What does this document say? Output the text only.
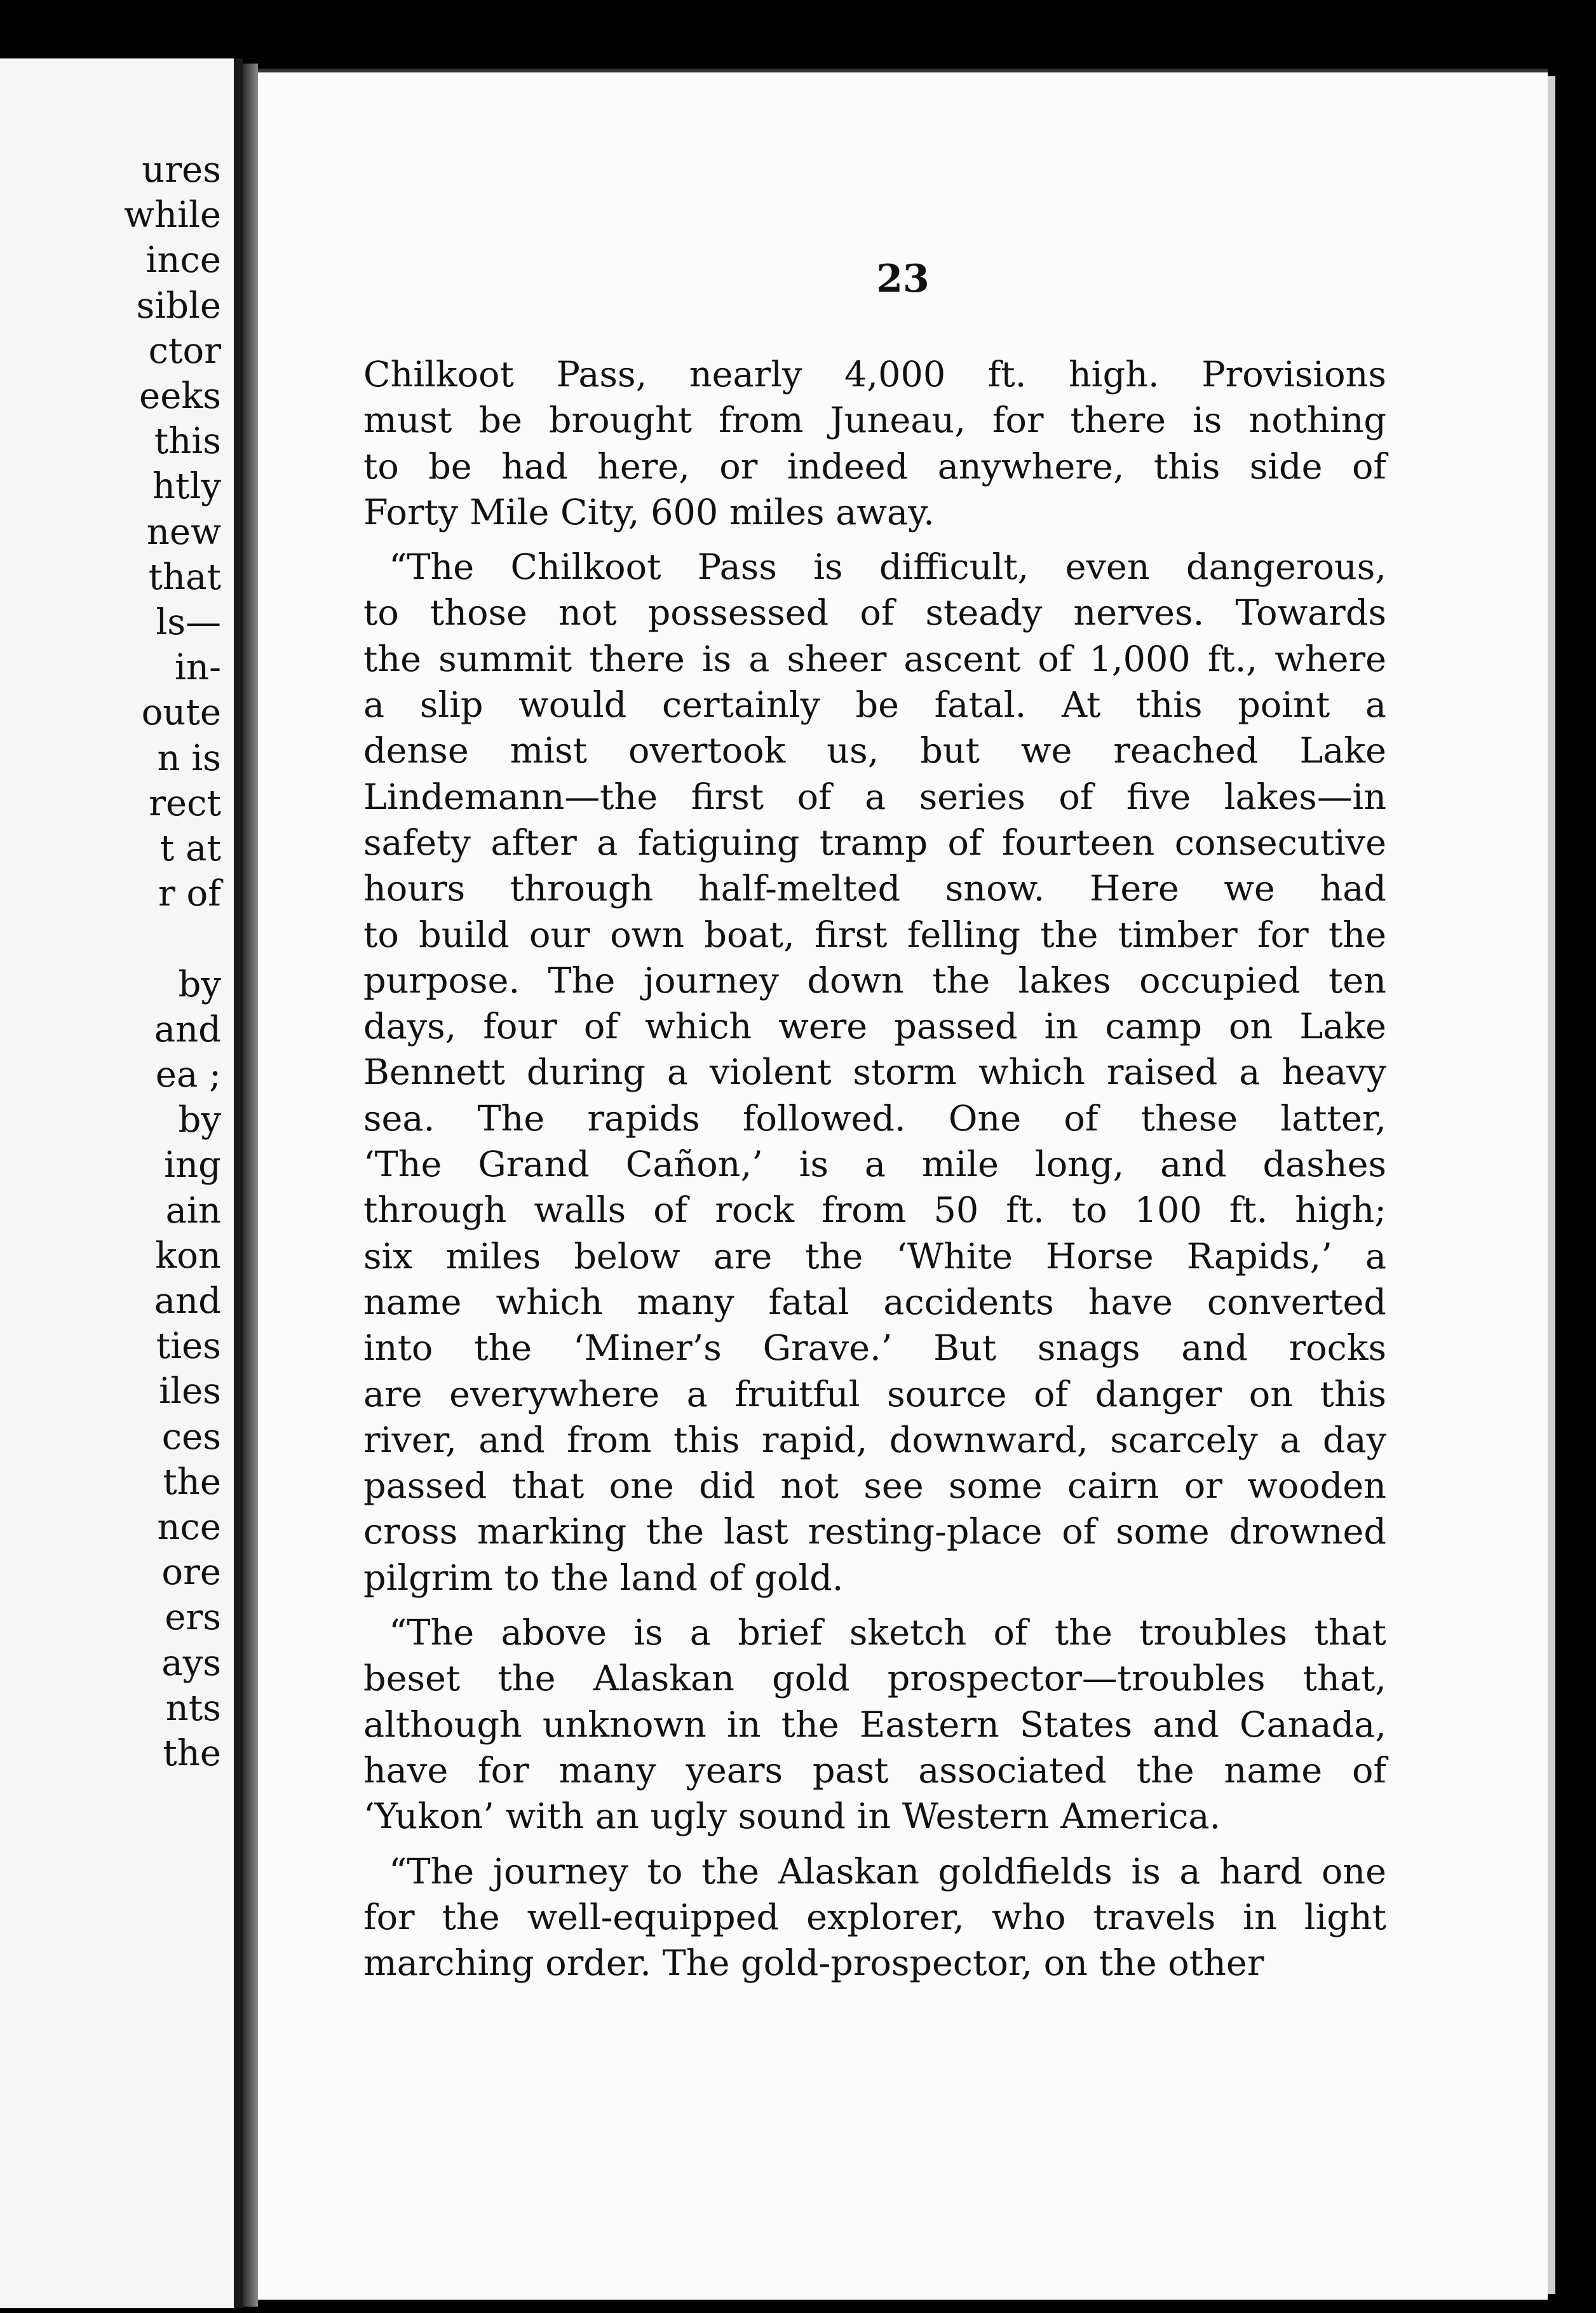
ures
while
ince
sible
ctor
eeks
this
htly
new
that
ls—
in-
oute
n is
rect
t at
r of
by
and
ea ;
by
ing
ain
kon
and
ties
iles
ces
the
nce
ore
ers
ays
nts
the
23
Chilkoot Pass, nearly 4,000 ft. high. Provisions
must be brought from Juneau, for there is nothing
to be had here, or indeed anywhere, this side of
Forty Mile City, 600 miles away.
“The Chilkoot Pass is difficult, even dangerous,
to those not possessed of steady nerves. Towards
the summit there is a sheer ascent of 1,000 ft., where
a slip would certainly be fatal. At this point a
dense mist overtook us, but we reached Lake
Lindemann—the first of a series of five lakes—in
safety after a fatiguing tramp of fourteen consecutive
hours through half-melted snow. Here we had
to build our own boat, first felling the timber for the
purpose. The journey down the lakes occupied ten
days, four of which were passed in camp on Lake
Bennett during a violent storm which raised a heavy
sea. The rapids followed. One of these latter,
‘The Grand Cañon,’ is a mile long, and dashes
through walls of rock from 50 ft. to 100 ft. high;
six miles below are the ‘White Horse Rapids,’ a
name which many fatal accidents have converted
into the ‘Miner’s Grave.’ But snags and rocks
are everywhere a fruitful source of danger on this
river, and from this rapid, downward, scarcely a day
passed that one did not see some cairn or wooden
cross marking the last resting-place of some drowned
pilgrim to the land of gold.
“The above is a brief sketch of the troubles that
beset the Alaskan gold prospector—troubles that,
although unknown in the Eastern States and Canada,
have for many years past associated the name of
‘Yukon’ with an ugly sound in Western America.
“The journey to the Alaskan goldfields is a hard one
for the well-equipped explorer, who travels in light
marching order. The gold-prospector, on the other
